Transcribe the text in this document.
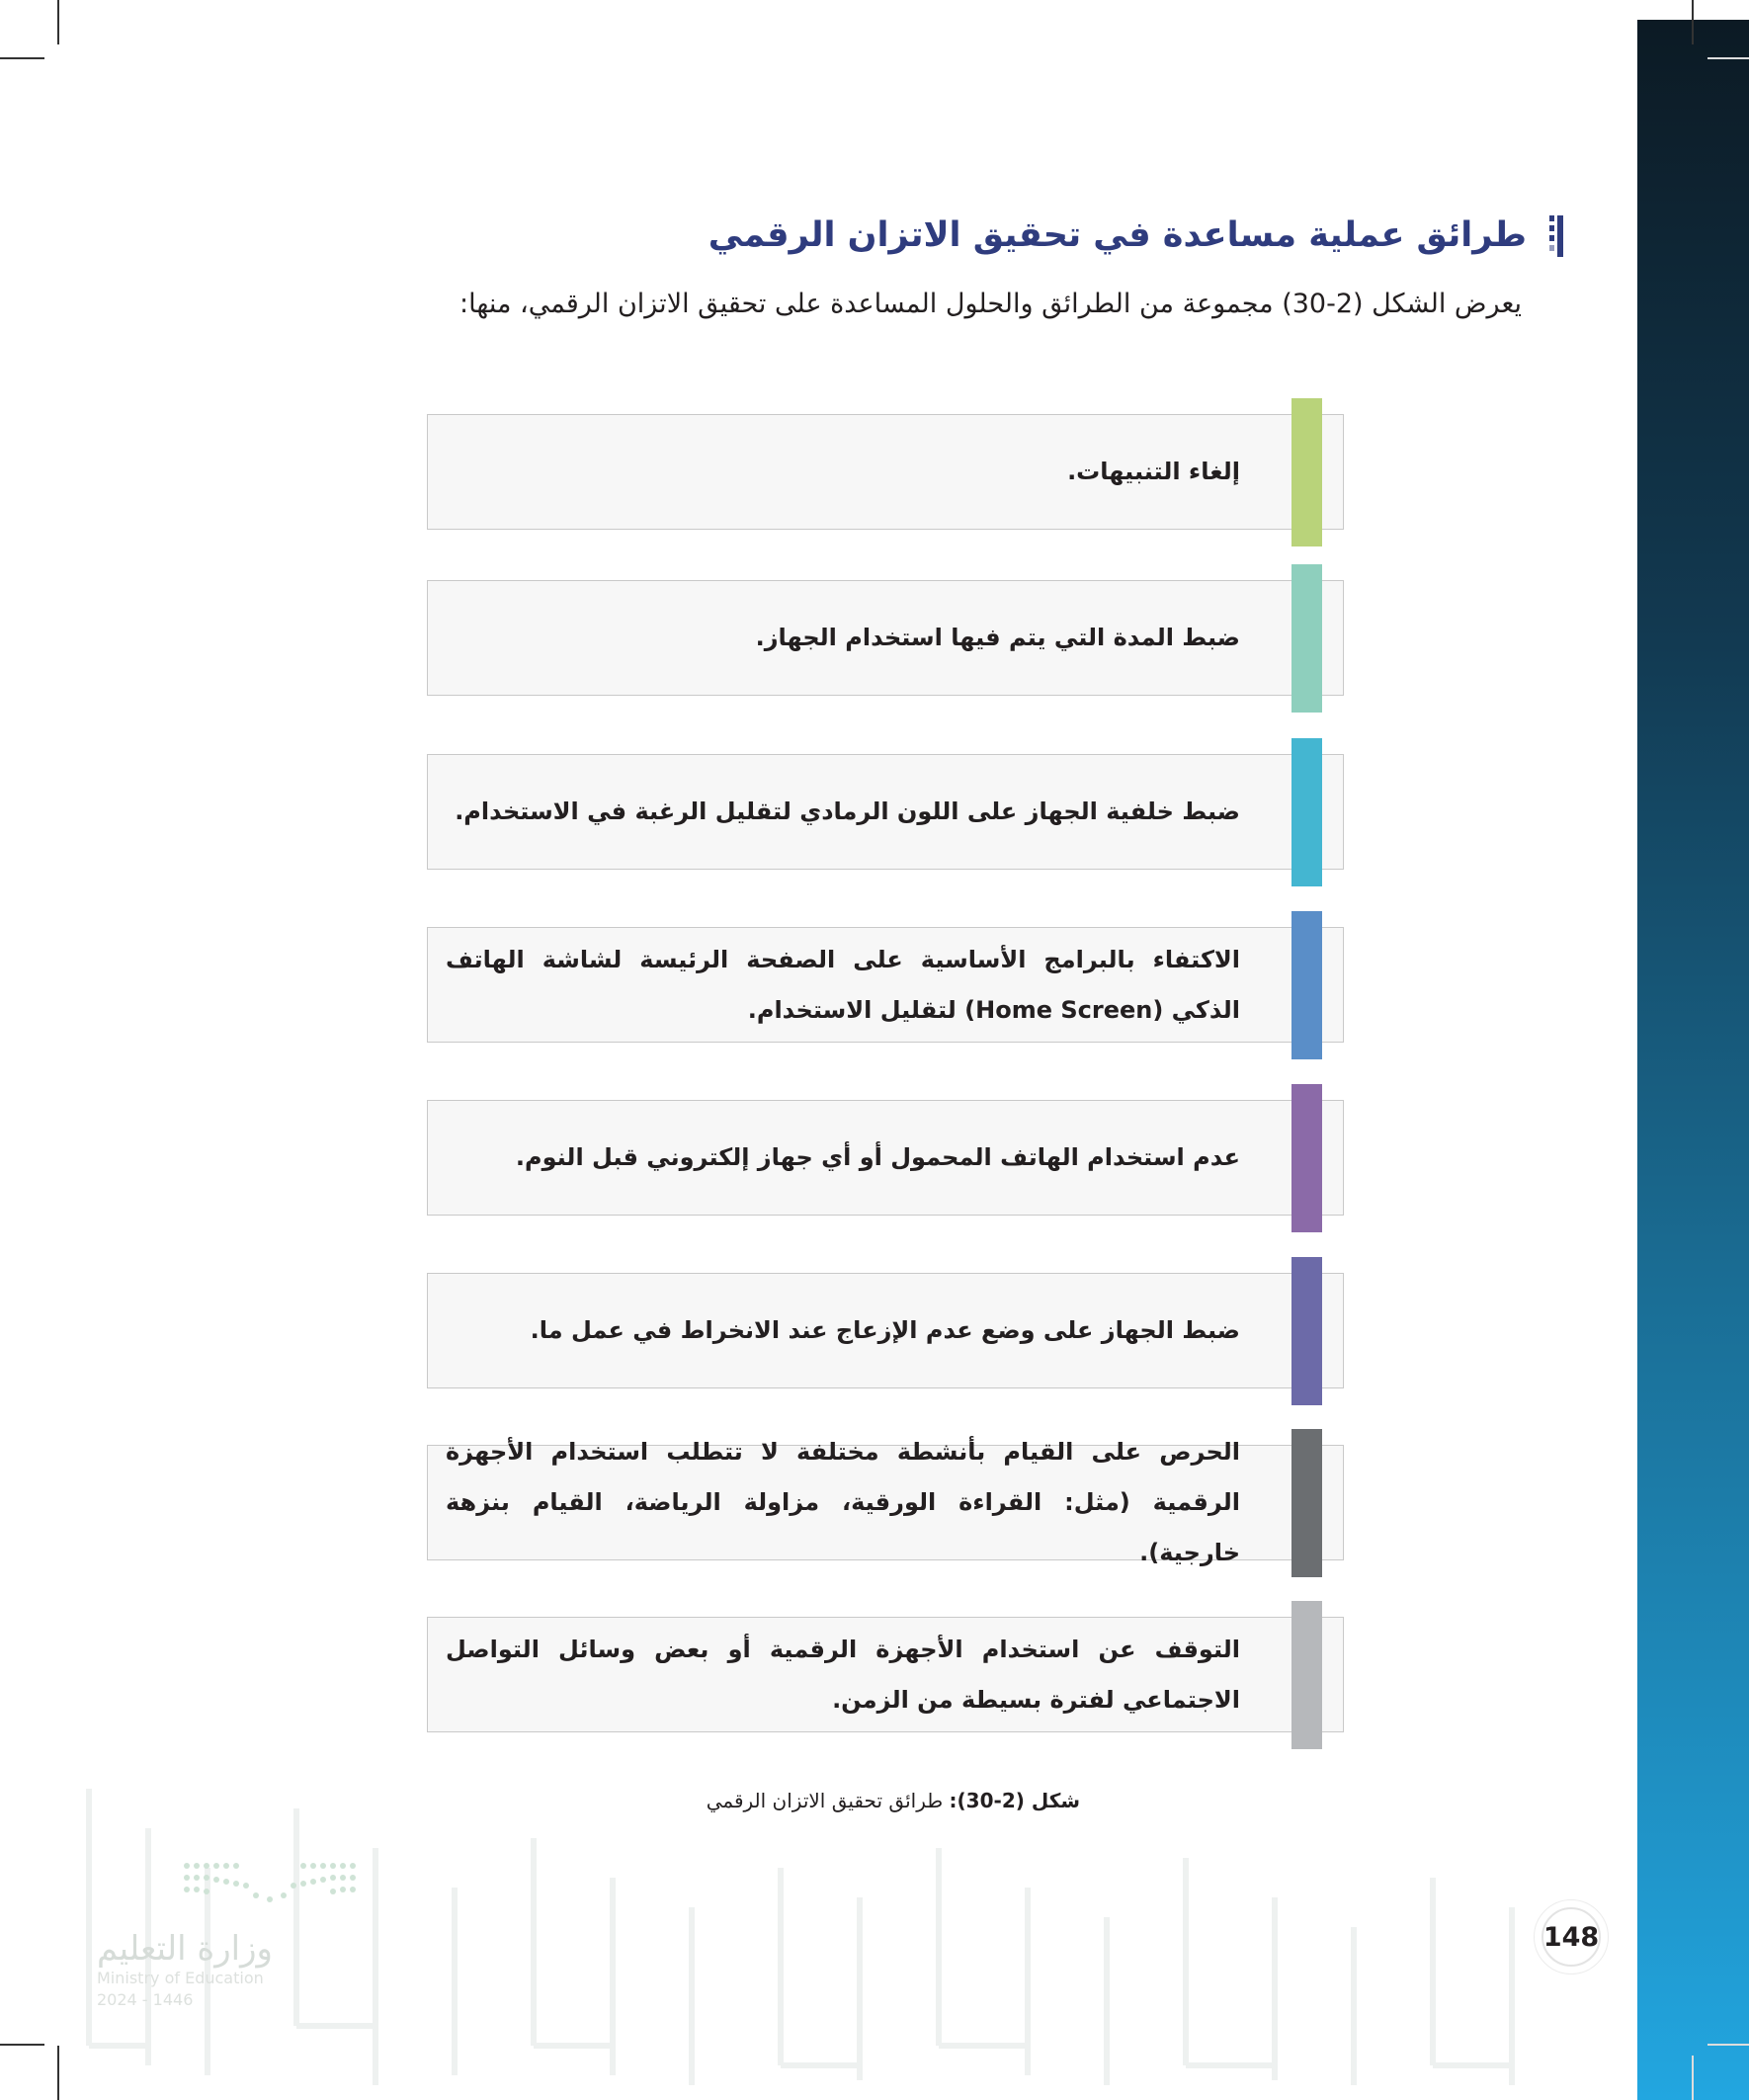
طرائق عملية مساعدة في تحقيق الاتزان الرقمي
يعرض الشكل (2-30) مجموعة من الطرائق والحلول المساعدة على تحقيق الاتزان الرقمي، منها:
إلغاء التنبيهات.
ضبط المدة التي يتم فيها استخدام الجهاز.
ضبط خلفية الجهاز على اللون الرمادي لتقليل الرغبة في الاستخدام.
الاكتفاء بالبرامج الأساسية على الصفحة الرئيسة لشاشة الهاتف الذكي (Home Screen) لتقليل الاستخدام.
عدم استخدام الهاتف المحمول أو أي جهاز إلكتروني قبل النوم.
ضبط الجهاز على وضع عدم الإزعاج عند الانخراط في عمل ما.
الحرص على القيام بأنشطة مختلفة لا تتطلب استخدام الأجهزة الرقمية (مثل: القراءة الورقية، مزاولة الرياضة، القيام بنزهة خارجية).
التوقف عن استخدام الأجهزة الرقمية أو بعض وسائل التواصل الاجتماعي لفترة بسيطة من الزمن.
شكل (2-30): طرائق تحقيق الاتزان الرقمي
وزارة التعليم
Ministry of Education
2024 - 1446
148
